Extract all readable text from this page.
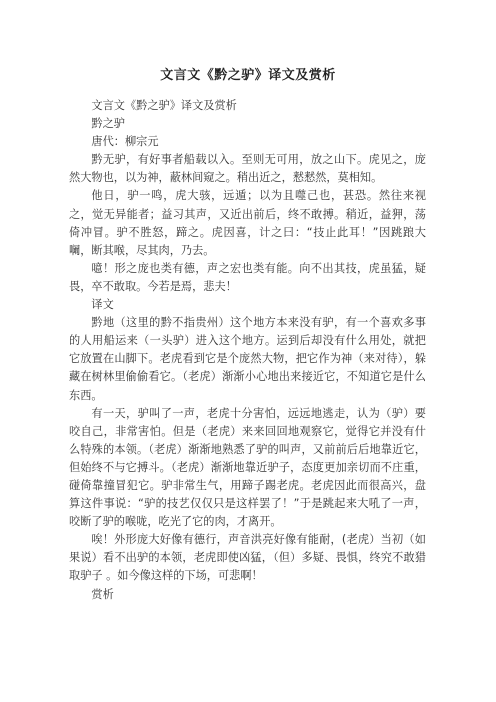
文言文《黔之驴》译文及赏析

文言文《黔之驴》译文及赏析

黔之驴

唐代：柳宗元

黔无驴，有好事者船载以入。至则无可用，放之山下。虎见之，庞然大物也，以为神，蔽林间窥之。稍出近之，慭慭然，莫相知。

他日，驴一鸣，虎大骇，远遁；以为且噬己也，甚恐。然往来视之，觉无异能者；益习其声，又近出前后，终不敢搏。稍近，益狎，荡倚冲冒。驴不胜怒，蹄之。虎因喜，计之曰：“技止此耳！”因跳踉大㘎，断其喉，尽其肉，乃去。

噫！形之庞也类有德，声之宏也类有能。向不出其技，虎虽猛，疑畏，卒不敢取。今若是焉，悲夫！

译文

黔地（这里的黔不指贵州）这个地方本来没有驴，有一个喜欢多事的人用船运来（一头驴）进入这个地方。运到后却没有什么用处，就把它放置在山脚下。老虎看到它是个庞然大物，把它作为神（来对待），躲藏在树林里偷偷看它。（老虎）渐渐小心地出来接近它，不知道它是什么东西。

有一天，驴叫了一声，老虎十分害怕，远远地逃走，认为（驴）要咬自己，非常害怕。但是（老虎）来来回回地观察它，觉得它并没有什么特殊的本领。（老虎）渐渐地熟悉了驴的叫声，又前前后后地靠近它，但始终不与它搏斗。（老虎）渐渐地靠近驴子，态度更加亲切而不庄重，碰倚靠撞冒犯它。驴非常生气，用蹄子踢老虎。老虎因此而很高兴，盘算这件事说：“驴的技艺仅仅只是这样罢了！”于是跳起来大吼了一声，咬断了驴的喉咙，吃光了它的肉，才离开。

唉！外形庞大好像有德行，声音洪亮好像有能耐，(老虎）当初（如果说）看不出驴的本领，老虎即使凶猛，（但）多疑、畏惧，终究不敢猎取驴子 。如今像这样的下场，可悲啊！

赏析
